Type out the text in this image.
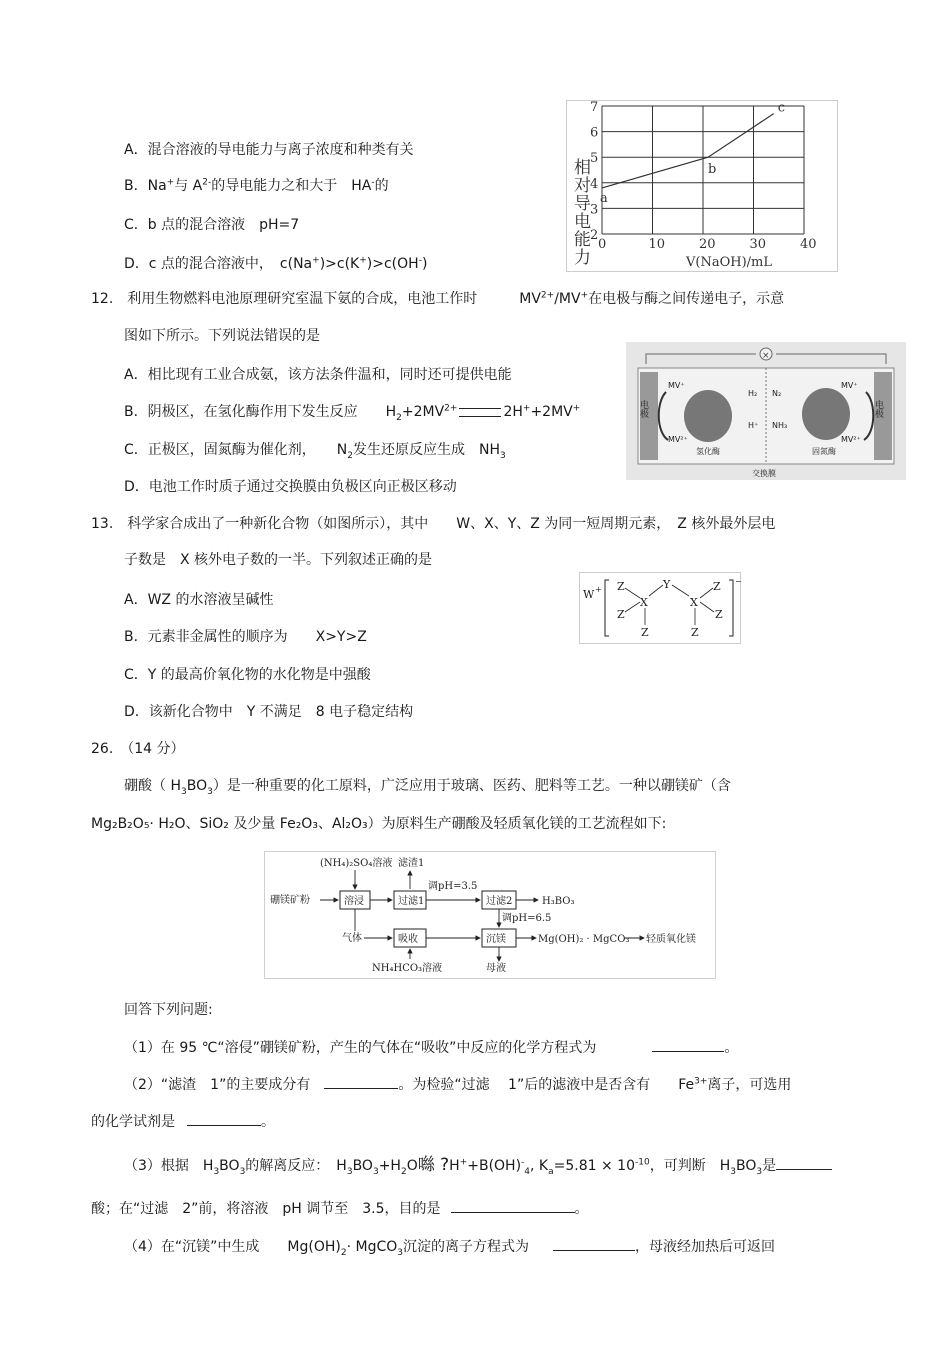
A．混合溶液的导电能力与离子浓度和种类有关
B．Na+与 $A^{2-}$的导电能力之和大于　HA-的
C．b 点的混合溶液　pH=7
D．c 点的混合溶液中，　c(Na+)>c(K+)>c(OH-)
0	10	20	30	40
2
3
4
5
6
7
a
b
c
相对导电能力	V(NaOH)/mL
12.　利用生物燃料电池原理研究室温下氨的合成，电池工作时　　　	$MV^{2+}/MV^+$在电极与酶之间传递电子，示意
图如下所示。下列说法错误的是
A．相比现有工业合成氨，该方法条件温和，同时还可提供电能
B．阴极区，在氢化酶作用下发生反应　　$H_2+2MV^{2+}$	2H++2MV+
C．正极区，固氮酶为催化剂，　　$N_2$发生还原反应生成　$NH_3$
D．电池工作时质子通过交换膜由负极区向正极区移动
×
电极	电极
MV⁺
MV²⁺
MV⁺
MV²⁺
H₂
H⁺
N₂
NH₃
氢化酶	固氮酶
交换膜
13.　科学家合成出了一种新化合物（如图所示），其中　　W、X、Y、Z 为同一短周期元素，　Z 核外最外层电
子数是　X 核外电子数的一半。下列叙述正确的是
A．WZ 的水溶液呈碱性
B．元素非金属性的顺序为　　X>Y>Z
C．Y 的最高价氧化物的水化物是中强酸
D．该新化合物中　Y 不满足　8 电子稳定结构
W +
−
Z
Z
X
Z
Y
X
Z
Z
Z
26.　（14 分）
硼酸（ $H_3BO_3$）是一种重要的化工原料，广泛应用于玻璃、医药、肥料等工艺。一种以硼镁矿（含
Mg₂B₂O₅· H₂O、SiO₂ 及少量 Fe₂O₃、Al₂O₃）为原料生产硼酸及轻质氧化镁的工艺流程如下:
(NH₄)₂SO₄溶液 滤渣1
硼镁矿粉	溶浸	过滤1
调pH=3.5
过滤2	H₃BO₃
调pH=6.5
气体	吸收	沉镁	Mg(OH)₂ · MgCO₃ 轻质氧化镁
NH₄HCO₃溶液	母液
回答下列问题:
（1）在 95 ℃“溶侵”硼镁矿粉，产生的气体在“吸收”中反应的化学方程式为	。
（2）“滤渣　1”的主要成分有	。为检验“过滤　 1”后的滤液中是否含有　　$Fe^{3+}$离子，可选用
的化学试剂是	。
（3）根据　$H_3BO_3$的解离反应：　$H_3BO_3+H_2O$噝 $?H^++B(OH)^-_4$, $K_a=5.81 \times 10^{-10}$，可判断　$H_3BO_3$是
酸；在“过滤　2”前，将溶液　pH 调节至　3.5，目的是	。
（4）在“沉镁”中生成　　$Mg(OH)_2\cdot$ MgCO$_3$沉淀的离子方程式为	，母液经加热后可返回
